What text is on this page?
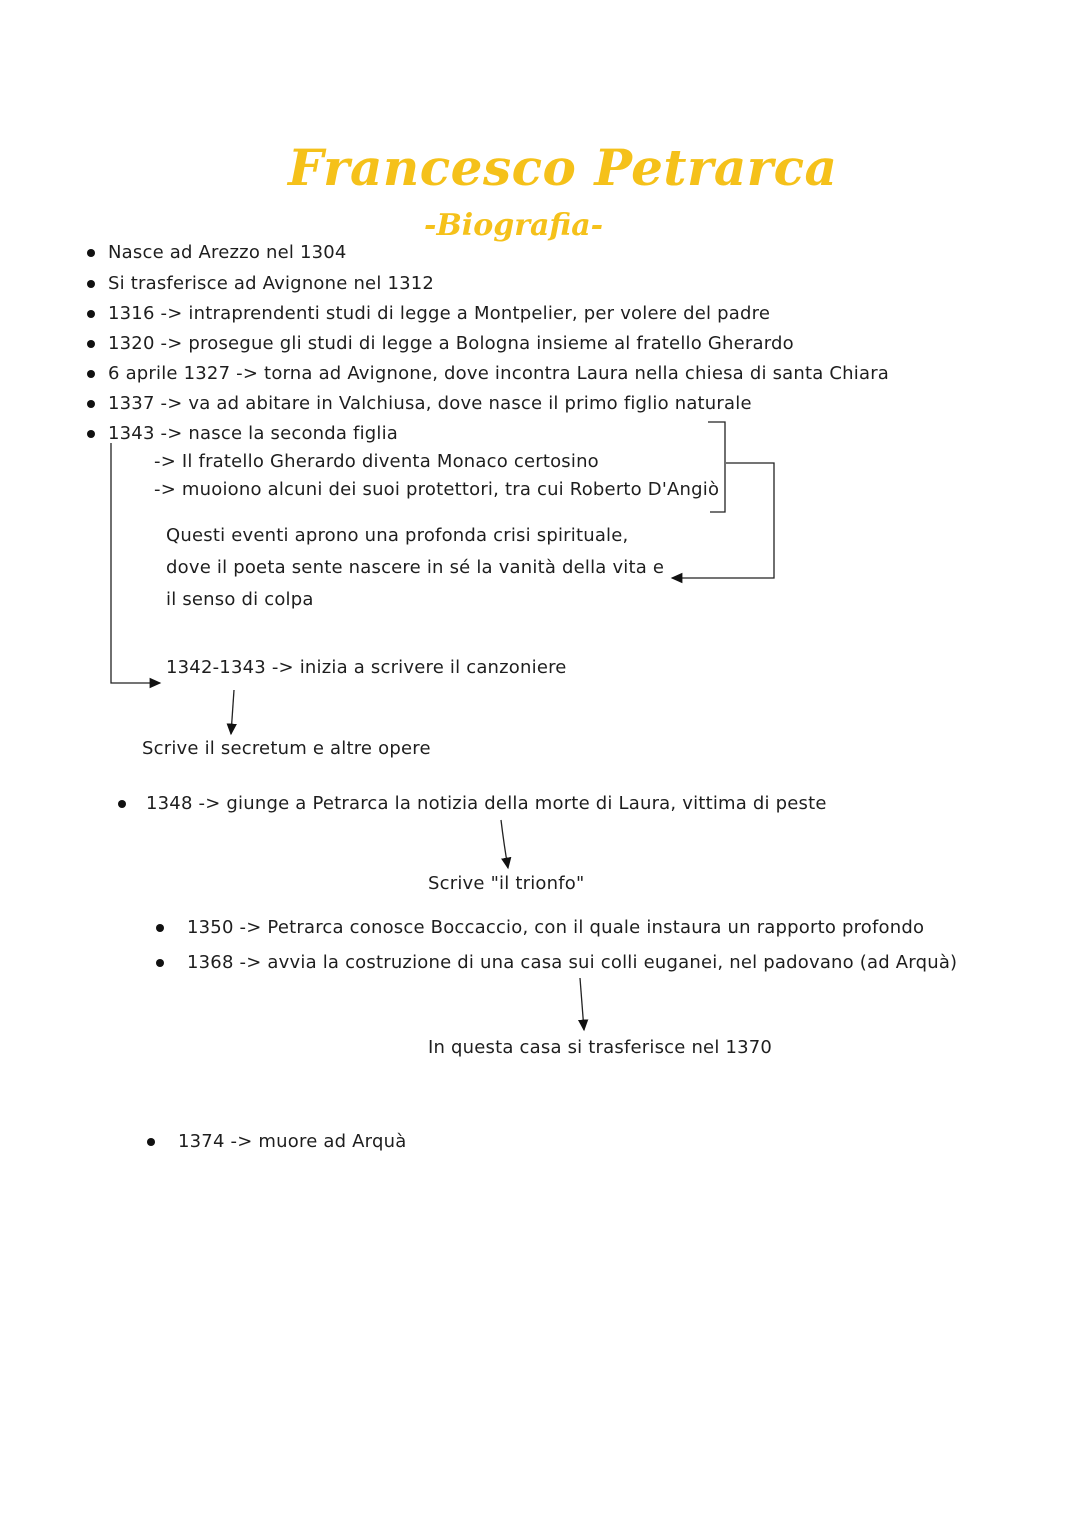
Francesco Petrarca
-Biografia-
Nasce ad Arezzo nel 1304
Si trasferisce ad Avignone nel 1312
1316 -> intraprendenti studi di legge a Montpelier, per volere del padre
1320 -> prosegue gli studi di legge a Bologna insieme al fratello Gherardo
6 aprile 1327 -> torna ad Avignone, dove incontra Laura nella chiesa di santa Chiara
1337 -> va ad abitare in Valchiusa, dove nasce il primo figlio naturale
1343 -> nasce la seconda figlia
-> Il fratello Gherardo diventa Monaco certosino
-> muoiono alcuni dei suoi protettori, tra cui Roberto D'Angiò
Questi eventi aprono una profonda crisi spirituale,
dove il poeta sente nascere in sé la vanità della vita e
il senso di colpa
1342-1343 -> inizia a scrivere il canzoniere
Scrive il secretum e altre opere
1348 -> giunge a Petrarca la notizia della morte di Laura, vittima di peste
Scrive "il trionfo"
1350 -> Petrarca conosce Boccaccio, con il quale instaura un rapporto profondo
1368 -> avvia la costruzione di una casa sui colli euganei, nel padovano (ad Arquà)
In questa casa si trasferisce nel 1370
1374 -> muore ad Arquà
